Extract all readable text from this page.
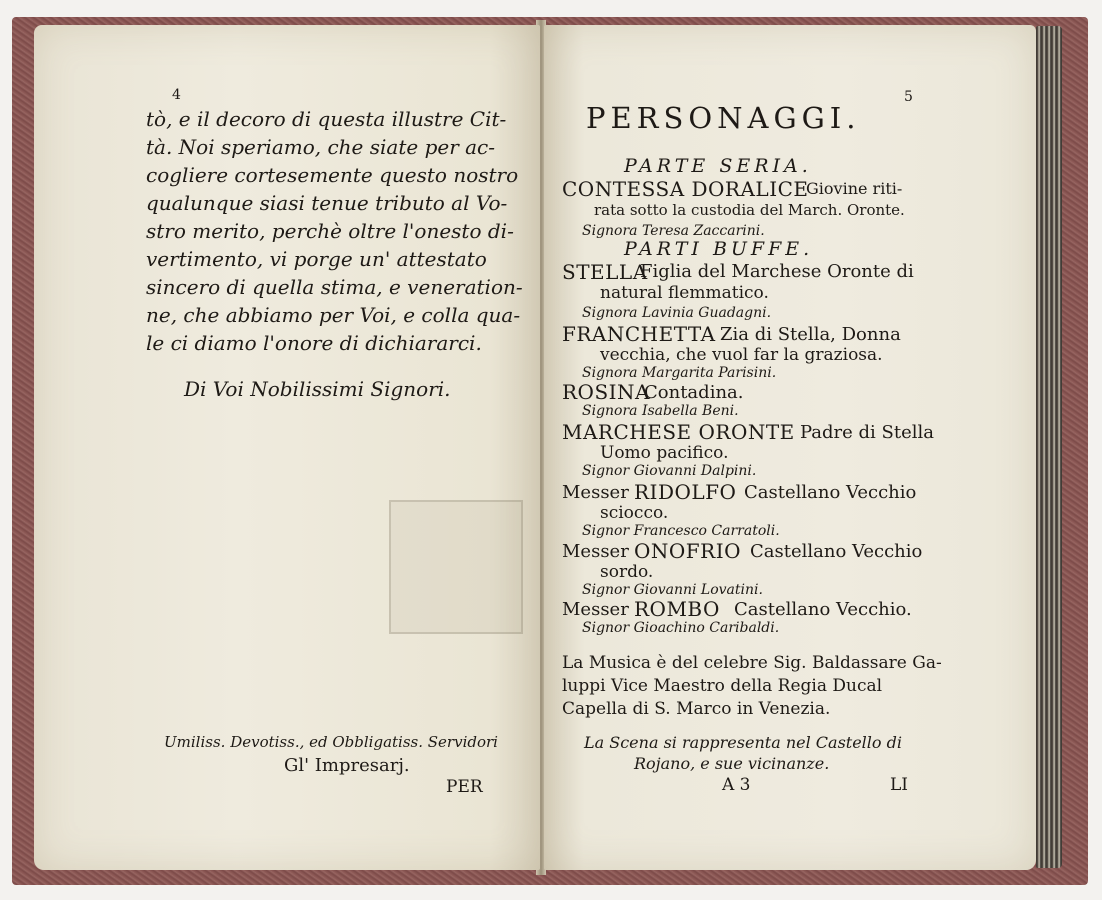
4
tò, e il decoro di questa illustre Cit-
tà. Noi speriamo, che siate per ac-
cogliere cortesemente questo nostro
qualunque siasi tenue tributo al Vo-
stro merito, perchè oltre l'onesto di-
vertimento, vi porge un' attestato
sincero di quella stima, e veneration-
ne, che abbiamo per Voi, e colla qua-
le ci diamo l'onore di dichiararci.
Di Voi Nobilissimi Signori.
Umiliss. Devotiss., ed Obbligatiss. Servidori
Gl' Impresarj.
PER
PERSONAGGI.
5
PARTE SERIA.
CONTESSA DORALICE
Giovine riti-
rata sotto la custodia del March. Oronte.
Signora Teresa Zaccarini.
PARTI BUFFE.
STELLA
Figlia del Marchese Oronte di
natural flemmatico.
Signora Lavinia Guadagni.
FRANCHETTA Zia di Stella, Donna
vecchia, che vuol far la graziosa.
Signora Margarita Parisini.
ROSINA
Contadina.
Signora Isabella Beni.
MARCHESE ORONTE Padre di Stella
Uomo pacifico.
Signor Giovanni Dalpini.
Messer RIDOLFO Castellano Vecchio
sciocco.
Signor Francesco Carratoli.
Messer ONOFRIO Castellano Vecchio
sordo.
Signor Giovanni Lovatini.
Messer ROMBO Castellano Vecchio.
Signor Gioachino Caribaldi.
La Musica è del celebre Sig. Baldassare Ga-
luppi Vice Maestro della Regia Ducal
Capella di S. Marco in Venezia.
La Scena si rappresenta nel Castello di
Rojano, e sue vicinanze.
A 3	LI
